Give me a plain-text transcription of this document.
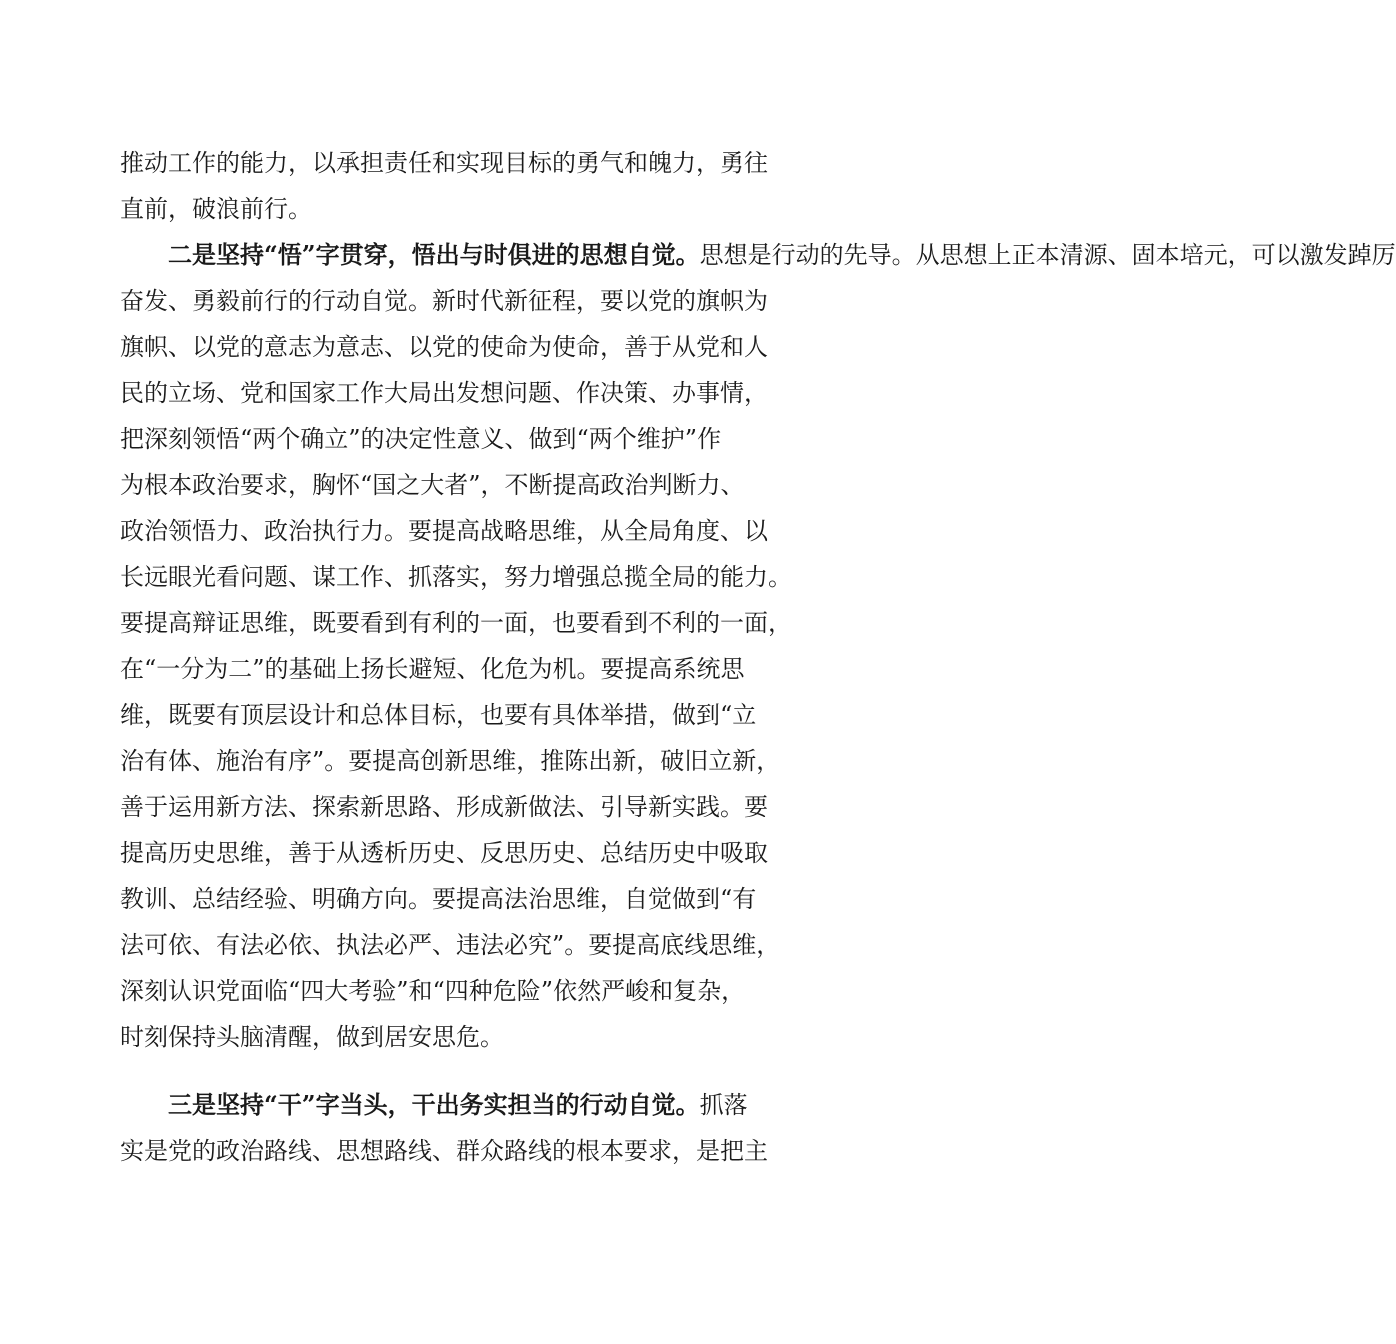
推动工作的能力，以承担责任和实现目标的勇气和魄力，勇往
直前，破浪前行。
二是坚持“悟”字贯穿，悟出与时俱进的思想自觉。思想是行动的先导。从思想上正本清源、固本培元，可以激发踔厉
奋发、勇毅前行的行动自觉。新时代新征程，要以党的旗帜为
旗帜、以党的意志为意志、以党的使命为使命，善于从党和人
民的立场、党和国家工作大局出发想问题、作决策、办事情，
把深刻领悟“两个确立”的决定性意义、做到“两个维护”作
为根本政治要求，胸怀“国之大者”，不断提高政治判断力、
政治领悟力、政治执行力。要提高战略思维，从全局角度、以
长远眼光看问题、谋工作、抓落实，努力增强总揽全局的能力。
要提高辩证思维，既要看到有利的一面，也要看到不利的一面，
在“一分为二”的基础上扬长避短、化危为机。要提高系统思
维，既要有顶层设计和总体目标，也要有具体举措，做到“立
治有体、施治有序”。要提高创新思维，推陈出新，破旧立新，
善于运用新方法、探索新思路、形成新做法、引导新实践。要
提高历史思维，善于从透析历史、反思历史、总结历史中吸取
教训、总结经验、明确方向。要提高法治思维，自觉做到“有
法可依、有法必依、执法必严、违法必究”。要提高底线思维，
深刻认识党面临“四大考验”和“四种危险”依然严峻和复杂，
时刻保持头脑清醒，做到居安思危。
三是坚持“干”字当头，干出务实担当的行动自觉。抓落
实是党的政治路线、思想路线、群众路线的根本要求，是把主
